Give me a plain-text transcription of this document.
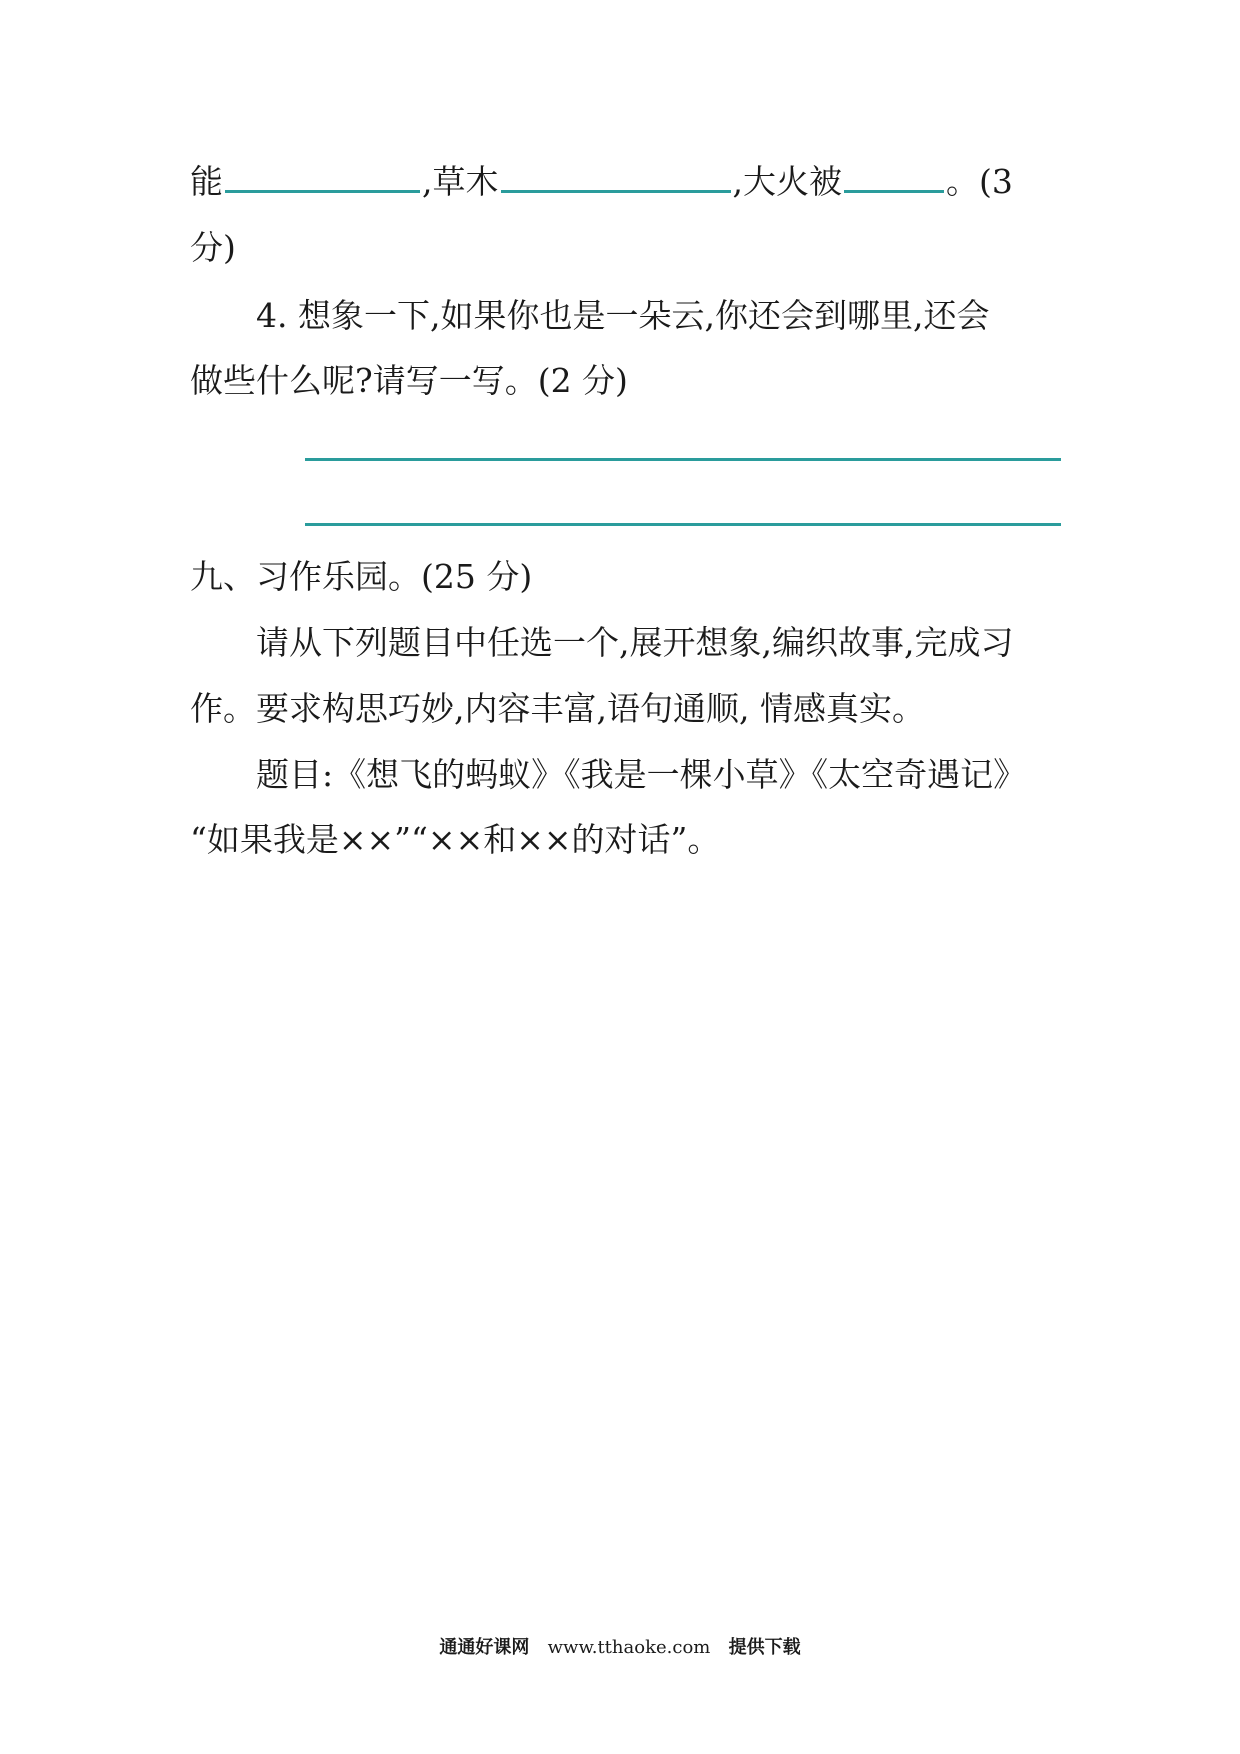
能	,草木	,大火被	。(3
分)
4. 想象一下,如果你也是一朵云,你还会到哪里,还会
做些什么呢?请写一写。(2 分)
九、习作乐园。(25 分)
请从下列题目中任选一个,展开想象,编织故事,完成习
作。要求构思巧妙,内容丰富,语句通顺, 情感真实。
题目:《想飞的蚂蚁》《我是一棵小草》《太空奇遇记》
“如果我是××”“××和××的对话”。
通通好课网 www.tthaoke.com 提供下载
